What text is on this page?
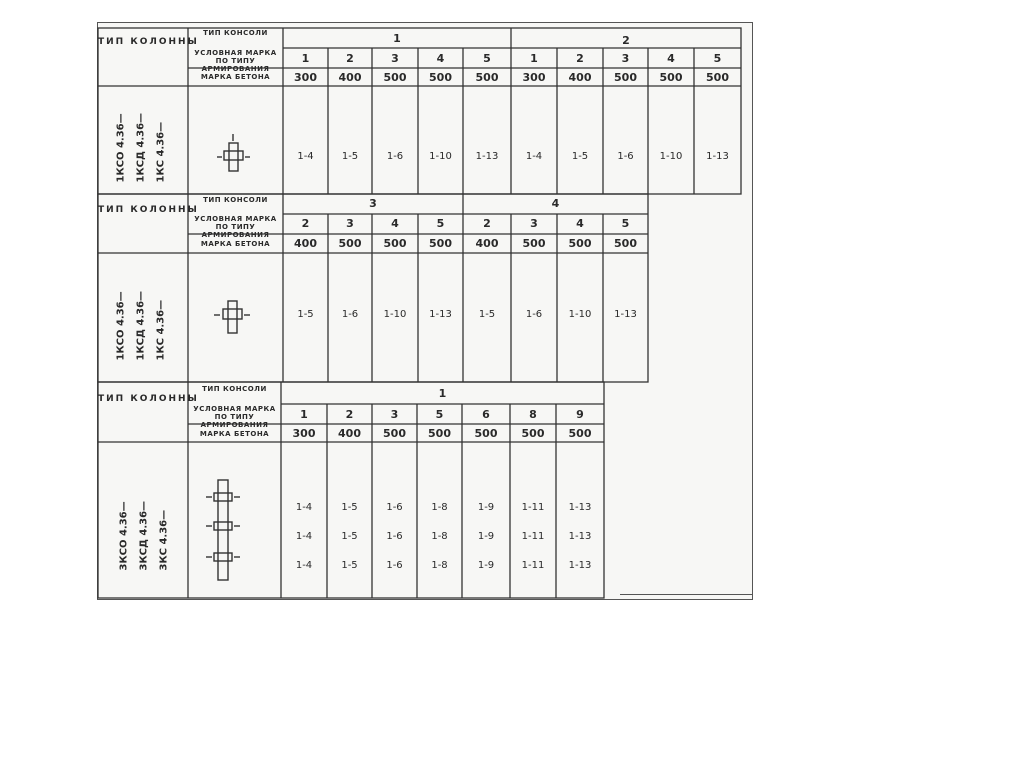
ТИП КОЛОННЫ
ТИП КОНСОЛИ
УСЛОВНАЯ МАРКА ПО ТИПУ АРМИРОВАНИЯ
МАРКА БЕТОНА
1	2
1	2	3	4	5	1	2	3	4	5
300	400	500	500	500	300	400	500	500	500
1-4	1-5	1-6	1-10	1-13	1-4	1-5	1-6	1-10	1-13
1КСО 4.36— 1КСД 4.36— 1КС 4.36—
ТИП КОЛОННЫ
ТИП КОНСОЛИ
УСЛОВНАЯ МАРКА ПО ТИПУ АРМИРОВАНИЯ
МАРКА БЕТОНА
3	4
2	3	4	5	2	3	4	5
400	500	500	500	400	500	500	500
1-5	1-6	1-10	1-13	1-5	1-6	1-10	1-13
1КСО 4.36— 1КСД 4.36— 1КС 4.36—
ТИП КОЛОННЫ
ТИП КОНСОЛИ
УСЛОВНАЯ МАРКА ПО ТИПУ АРМИРОВАНИЯ
МАРКА БЕТОНА
1
1	2	3	5	6	8	9
300	400	500	500	500	500	500
1-4	1-5	1-6	1-8	1-9	1-11	1-13
1-4	1-5	1-6	1-8	1-9	1-11	1-13
1-4	1-5	1-6	1-8	1-9	1-11	1-13
3КСО 4.36— 3КСД 4.36— 3КС 4.36—
